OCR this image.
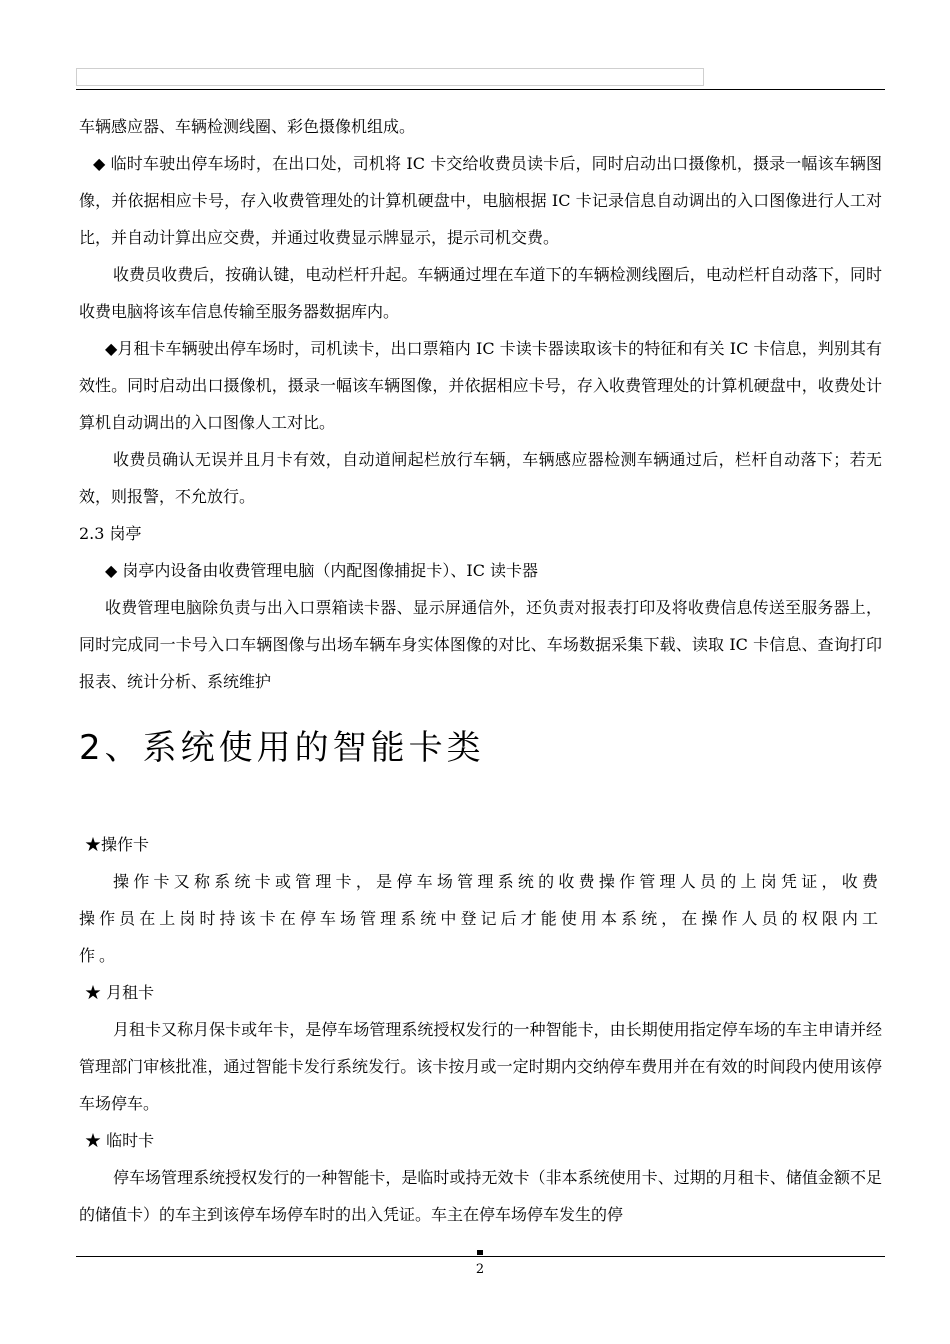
车辆感应器、车辆检测线圈、彩色摄像机组成。

◆ 临时车驶出停车场时，在出口处，司机将 IC 卡交给收费员读卡后，同时启动出口摄像机，摄录一幅该车辆图像，并依据相应卡号，存入收费管理处的计算机硬盘中，电脑根据 IC 卡记录信息自动调出的入口图像进行人工对比，并自动计算出应交费，并通过收费显示牌显示，提示司机交费。

收费员收费后，按确认键，电动栏杆升起。车辆通过埋在车道下的车辆检测线圈后，电动栏杆自动落下，同时收费电脑将该车信息传输至服务器数据库内。

◆月租卡车辆驶出停车场时，司机读卡，出口票箱内 IC 卡读卡器读取该卡的特征和有关 IC 卡信息，判别其有效性。同时启动出口摄像机，摄录一幅该车辆图像，并依据相应卡号，存入收费管理处的计算机硬盘中，收费处计算机自动调出的入口图像人工对比。

收费员确认无误并且月卡有效，自动道闸起栏放行车辆，车辆感应器检测车辆通过后，栏杆自动落下；若无效，则报警，不允放行。

2.3 岗亭

◆ 岗亭内设备由收费管理电脑（内配图像捕捉卡）、IC 读卡器

收费管理电脑除负责与出入口票箱读卡器、显示屏通信外，还负责对报表打印及将收费信息传送至服务器上，同时完成同一卡号入口车辆图像与出场车辆车身实体图像的对比、车场数据采集下载、读取 IC 卡信息、查询打印报表、统计分析、系统维护

2、系统使用的智能卡类

★操作卡

操作卡又称系统卡或管理卡，是停车场管理系统的收费操作管理人员的上岗凭证，收费操作员在上岗时持该卡在停车场管理系统中登记后才能使用本系统，在操作人员的权限内工作。

★ 月租卡

月租卡又称月保卡或年卡，是停车场管理系统授权发行的一种智能卡，由长期使用指定停车场的车主申请并经管理部门审核批准，通过智能卡发行系统发行。该卡按月或一定时期内交纳停车费用并在有效的时间段内使用该停车场停车。

★ 临时卡

停车场管理系统授权发行的一种智能卡，是临时或持无效卡（非本系统使用卡、过期的月租卡、储值金额不足的储值卡）的车主到该停车场停车时的出入凭证。车主在停车场停车发生的停

2
